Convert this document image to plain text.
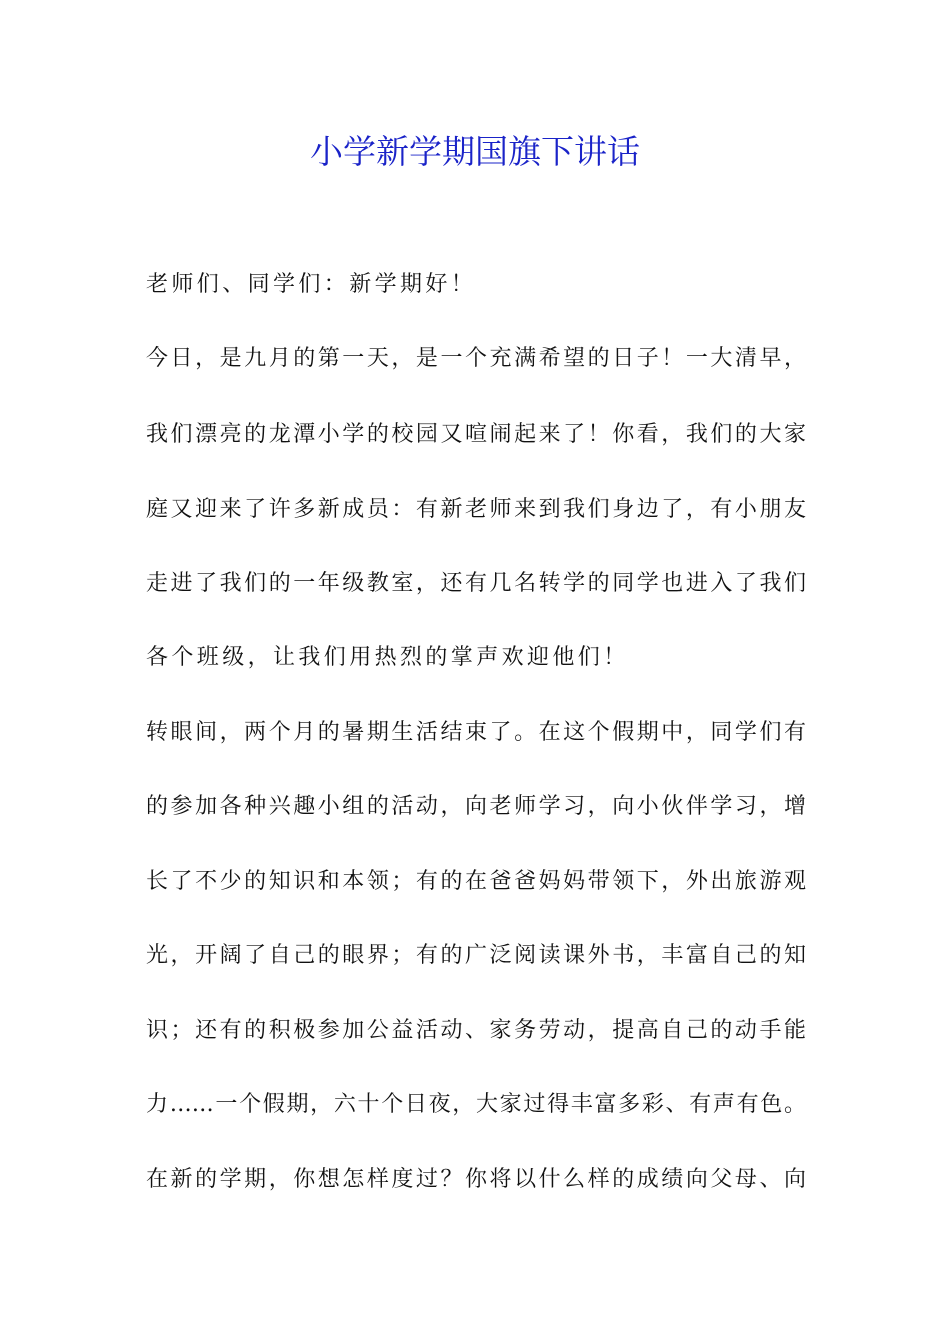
小学新学期国旗下讲话

老师们、同学们：新学期好！

今日，是九月的第一天，是一个充满希望的日子！一大清早，

我们漂亮的龙潭小学的校园又喧闹起来了！你看，我们的大家

庭又迎来了许多新成员：有新老师来到我们身边了，有小朋友

走进了我们的一年级教室，还有几名转学的同学也进入了我们

各个班级，让我们用热烈的掌声欢迎他们！

转眼间，两个月的暑期生活结束了。在这个假期中，同学们有

的参加各种兴趣小组的活动，向老师学习，向小伙伴学习，增

长了不少的知识和本领；有的在爸爸妈妈带领下，外出旅游观

光，开阔了自己的眼界；有的广泛阅读课外书，丰富自己的知

识；还有的积极参加公益活动、家务劳动，提高自己的动手能

力……一个假期，六十个日夜，大家过得丰富多彩、有声有色。

在新的学期，你想怎样度过？你将以什么样的成绩向父母、向
